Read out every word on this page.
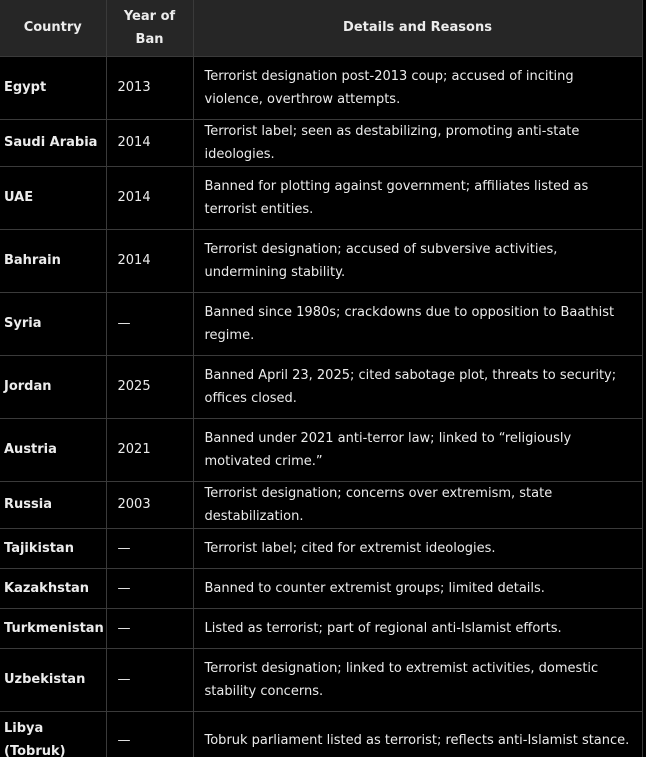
Country	Year of Ban	Details and Reasons
Egypt	2013	Terrorist designation post-2013 coup; accused of inciting violence, overthrow attempts.
Saudi Arabia	2014	Terrorist label; seen as destabilizing, promoting anti-state ideologies.
UAE	2014	Banned for plotting against government; affiliates listed as terrorist entities.
Bahrain	2014	Terrorist designation; accused of subversive activities, undermining stability.
Syria	—	Banned since 1980s; crackdowns due to opposition to Baathist regime.
Jordan	2025	Banned April 23, 2025; cited sabotage plot, threats to security; offices closed.
Austria	2021	Banned under 2021 anti-terror law; linked to “religiously motivated crime.”
Russia	2003	Terrorist designation; concerns over extremism, state destabilization.
Tajikistan	—	Terrorist label; cited for extremist ideologies.
Kazakhstan	—	Banned to counter extremist groups; limited details.
Turkmenistan	—	Listed as terrorist; part of regional anti-Islamist efforts.
Uzbekistan	—	Terrorist designation; linked to extremist activities, domestic stability concerns.
Libya (Tobruk)	—	Tobruk parliament listed as terrorist; reflects anti-Islamist stance.
